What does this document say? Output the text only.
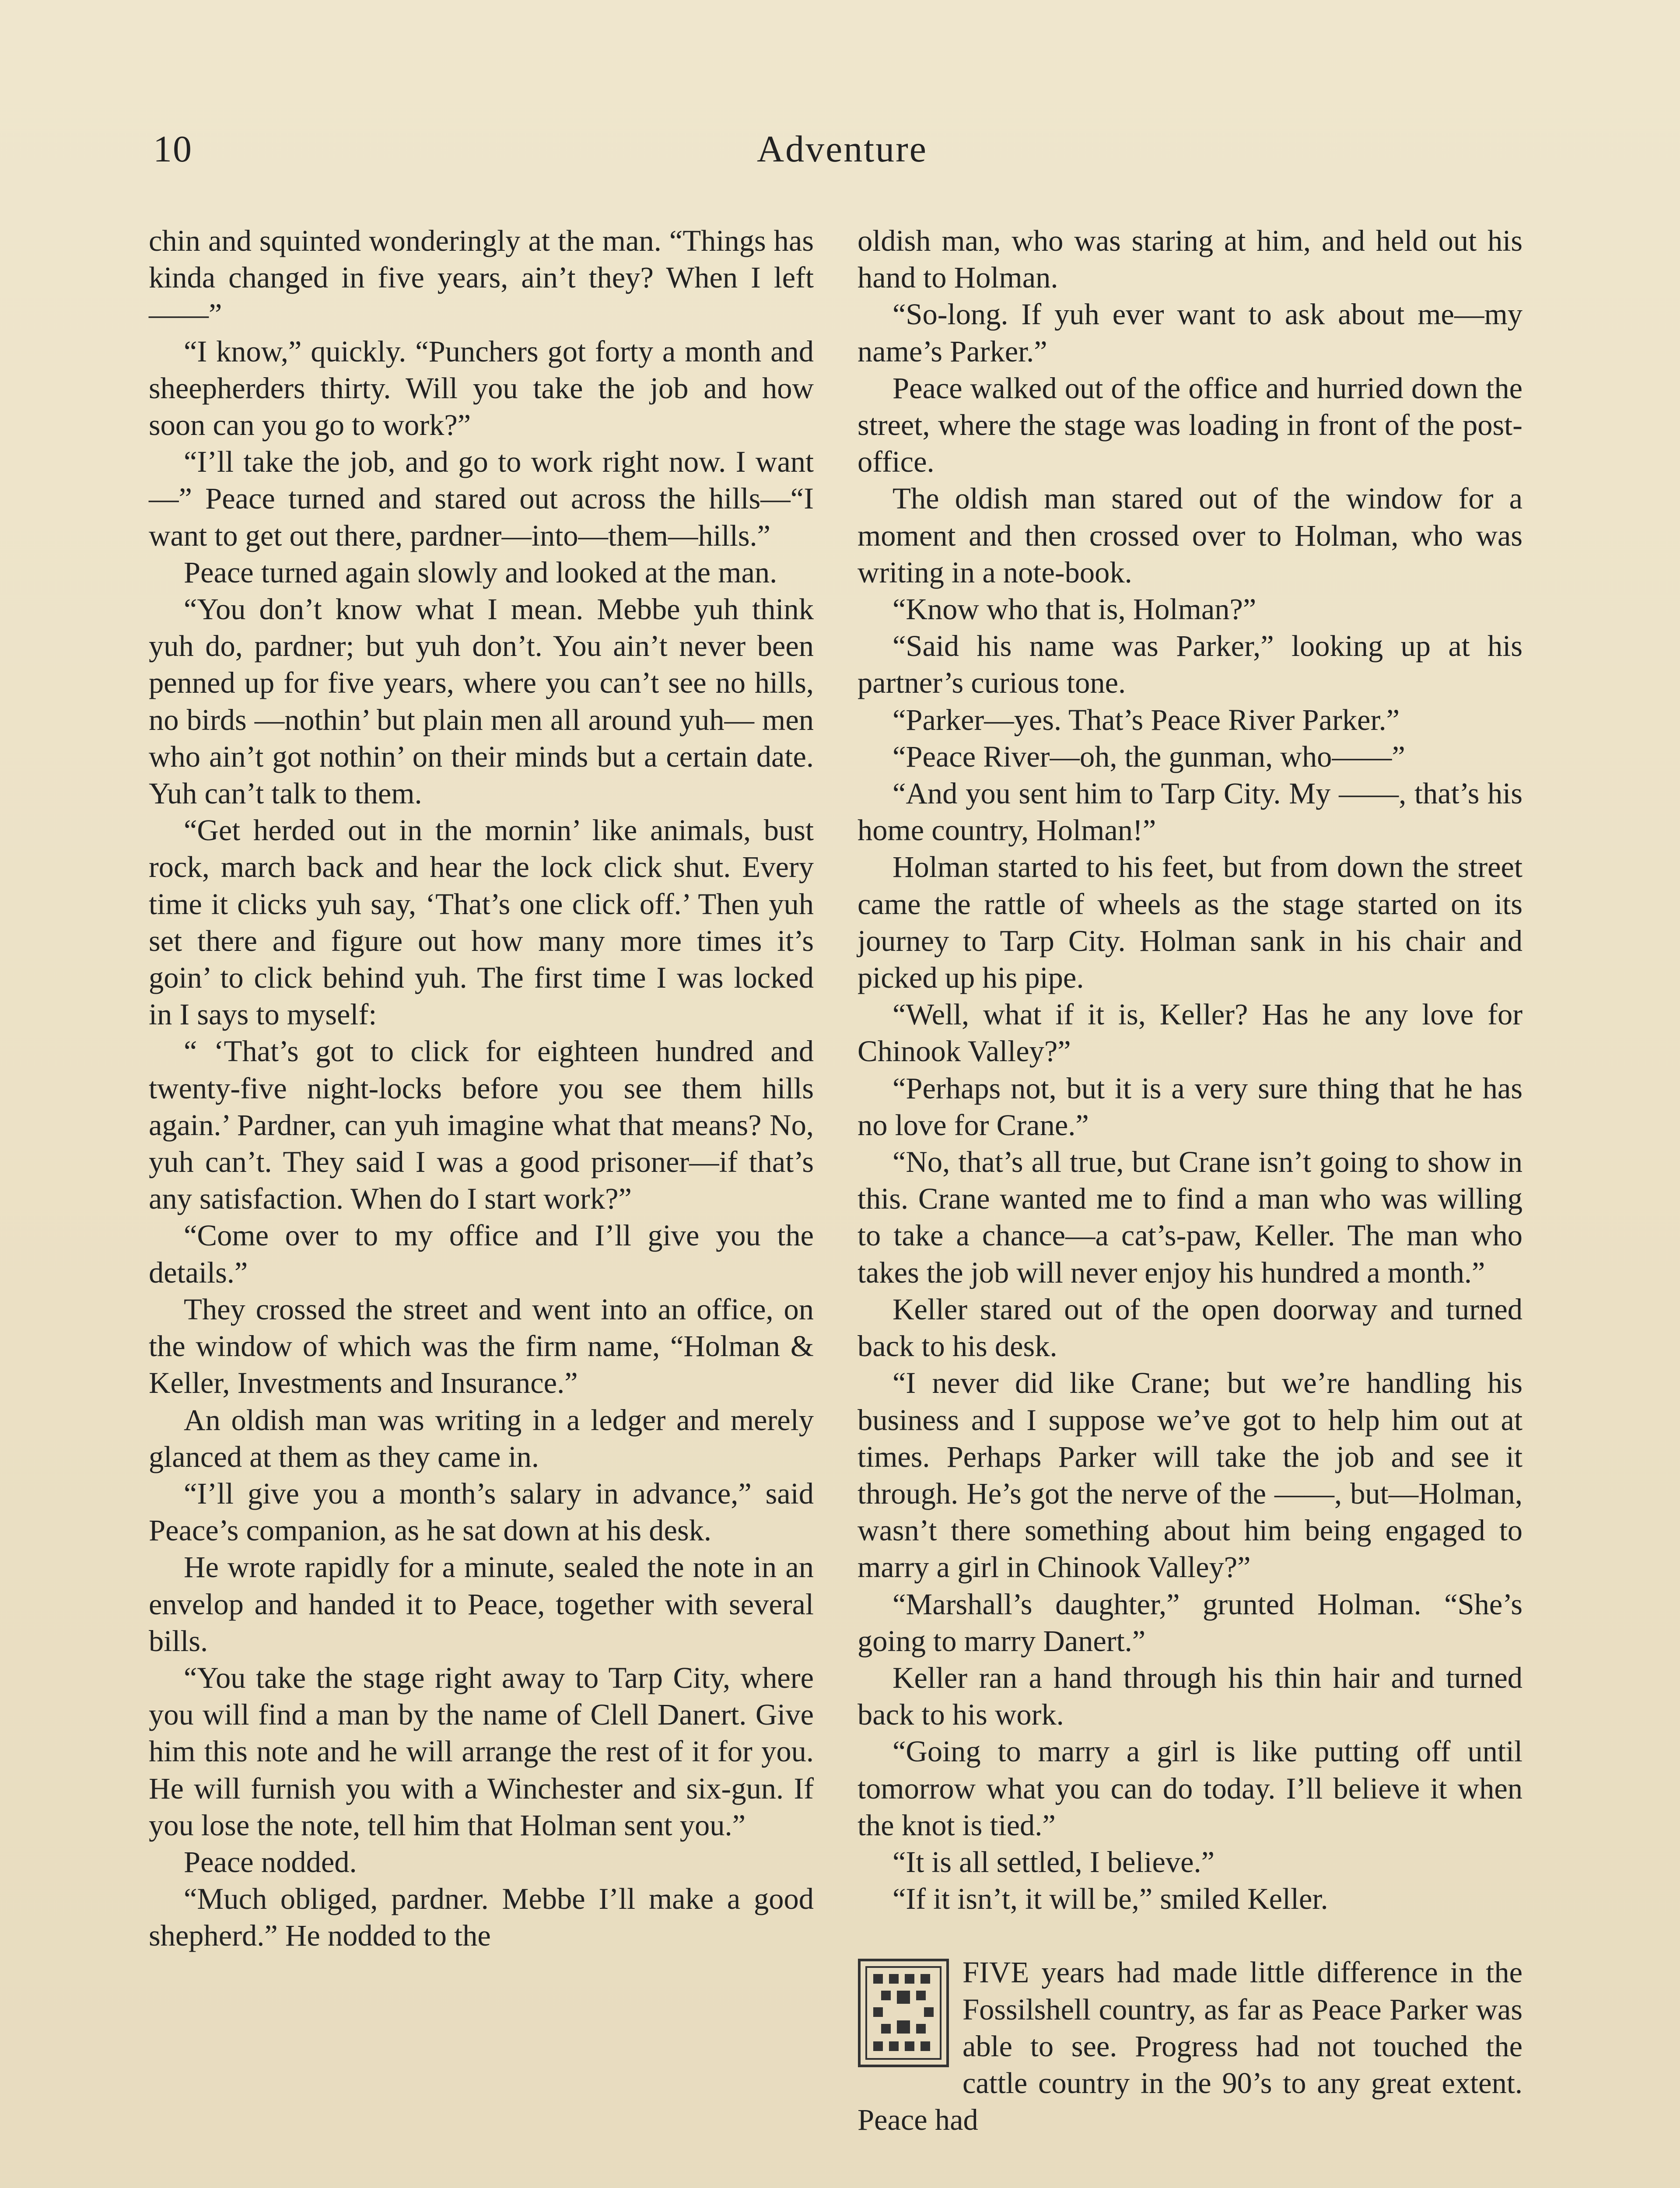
10	Adventure

chin and squinted wonderingly at the man. “Things has kinda changed in five years, ain’t they? When I left——”

“I know,” quickly. “Punchers got forty a month and sheepherders thirty. Will you take the job and how soon can you go to work?”

“I’ll take the job, and go to work right now. I want—” Peace turned and stared out across the hills—“I want to get out there, pardner—into—them—hills.”

Peace turned again slowly and looked at the man.

“You don’t know what I mean. Mebbe yuh think yuh do, pardner; but yuh don’t. You ain’t never been penned up for five years, where you can’t see no hills, no birds —nothin’ but plain men all around yuh— men who ain’t got nothin’ on their minds but a certain date. Yuh can’t talk to them.

“Get herded out in the mornin’ like animals, bust rock, march back and hear the lock click shut. Every time it clicks yuh say, ‘That’s one click off.’ Then yuh set there and figure out how many more times it’s goin’ to click behind yuh. The first time I was locked in I says to myself:

“ ‘That’s got to click for eighteen hundred and twenty-five night-locks before you see them hills again.’ Pardner, can yuh imagine what that means? No, yuh can’t. They said I was a good prisoner—if that’s any satisfaction. When do I start work?”

“Come over to my office and I’ll give you the details.”

They crossed the street and went into an office, on the window of which was the firm name, “Holman & Keller, Investments and Insurance.”

An oldish man was writing in a ledger and merely glanced at them as they came in.

“I’ll give you a month’s salary in advance,” said Peace’s companion, as he sat down at his desk.

He wrote rapidly for a minute, sealed the note in an envelop and handed it to Peace, together with several bills.

“You take the stage right away to Tarp City, where you will find a man by the name of Clell Danert. Give him this note and he will arrange the rest of it for you. He will furnish you with a Winchester and six-gun. If you lose the note, tell him that Holman sent you.”

Peace nodded.

“Much obliged, pardner. Mebbe I’ll make a good shepherd.” He nodded to the

oldish man, who was staring at him, and held out his hand to Holman.

“So-long. If yuh ever want to ask about me—my name’s Parker.”

Peace walked out of the office and hurried down the street, where the stage was loading in front of the post-office.

The oldish man stared out of the window for a moment and then crossed over to Holman, who was writing in a note-book.

“Know who that is, Holman?”

“Said his name was Parker,” looking up at his partner’s curious tone.

“Parker—yes. That’s Peace River Parker.”

“Peace River—oh, the gunman, who——”

“And you sent him to Tarp City. My ——, that’s his home country, Holman!”

Holman started to his feet, but from down the street came the rattle of wheels as the stage started on its journey to Tarp City. Holman sank in his chair and picked up his pipe.

“Well, what if it is, Keller? Has he any love for Chinook Valley?”

“Perhaps not, but it is a very sure thing that he has no love for Crane.”

“No, that’s all true, but Crane isn’t going to show in this. Crane wanted me to find a man who was willing to take a chance—a cat’s-paw, Keller. The man who takes the job will never enjoy his hundred a month.”

Keller stared out of the open doorway and turned back to his desk.

“I never did like Crane; but we’re handling his business and I suppose we’ve got to help him out at times. Perhaps Parker will take the job and see it through. He’s got the nerve of the ——, but—Holman, wasn’t there something about him being engaged to marry a girl in Chinook Valley?”

“Marshall’s daughter,” grunted Holman. “She’s going to marry Danert.”

Keller ran a hand through his thin hair and turned back to his work.

“Going to marry a girl is like putting off until tomorrow what you can do today. I’ll believe it when the knot is tied.”

“It is all settled, I believe.”

“If it isn’t, it will be,” smiled Keller.

FIVE years had made little difference in the Fossilshell country, as far as Peace Parker was able to see. Progress had not touched the cattle country in the 90’s to any great extent. Peace had
